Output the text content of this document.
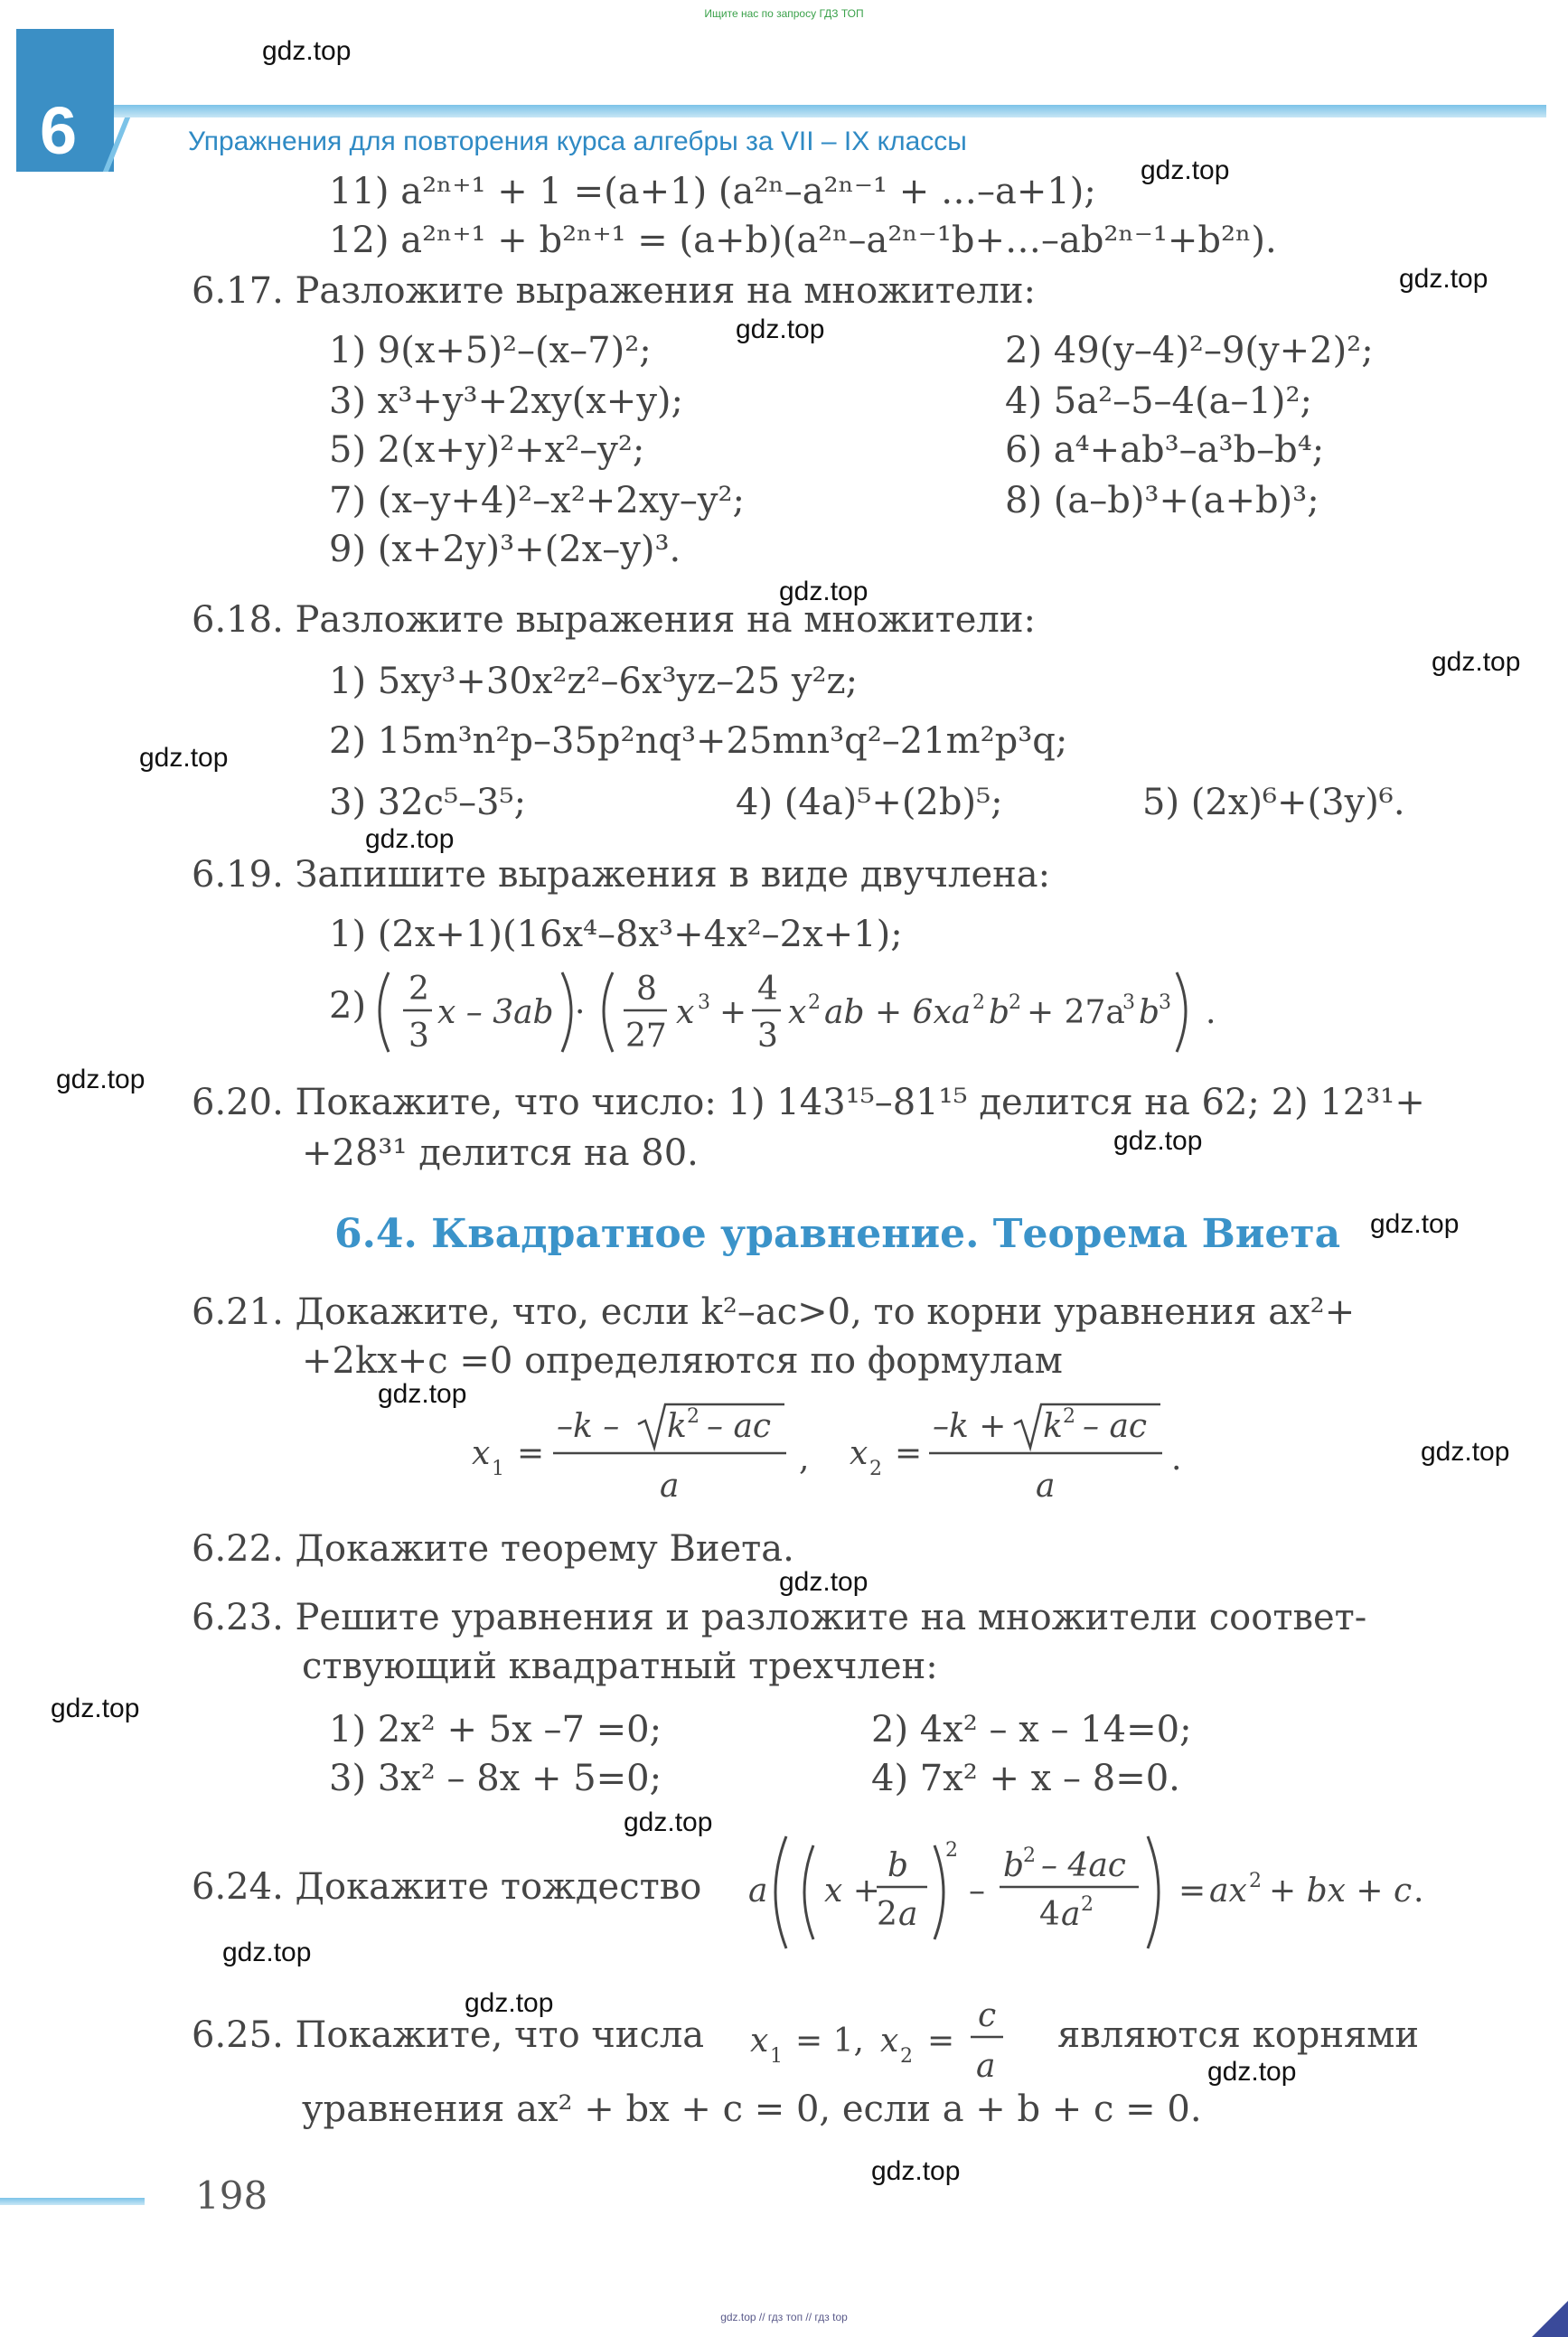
Ищите нас по запросу ГДЗ ТОП
6	Упражнения для повторения курса алгебры за VII – IX классы
11) a²ⁿ⁺¹ + 1 =(a+1) (a²ⁿ–a²ⁿ⁻¹ + …–a+1);
12) a²ⁿ⁺¹ + b²ⁿ⁺¹ = (a+b)(a²ⁿ–a²ⁿ⁻¹b+…–ab²ⁿ⁻¹+b²ⁿ).
6.17. Разложите выражения на множители:
1) 9(x+5)²–(x–7)²;	2) 49(y–4)²–9(y+2)²;
3) x³+y³+2xy(x+y);	4) 5a²–5–4(a–1)²;
5) 2(x+y)²+x²–y²;	6) a⁴+ab³–a³b–b⁴;
7) (x–y+4)²–x²+2xy–y²;	8) (a–b)³+(a+b)³;
9) (x+2y)³+(2x–y)³.
6.18. Разложите выражения на множители:
1) 5xy³+30x²z²–6x³yz–25 y²z;
2) 15m³n²p–35p²nq³+25mn³q²–21m²p³q;
3) 32c⁵–3⁵;	4) (4a)⁵+(2b)⁵;	5) (2x)⁶+(3y)⁶.
6.19. Запишите выражения в виде двучлена:
1) (2x+1)(16x⁴–8x³+4x²–2x+1);
2) 2
3
x – 3ab ·
8
27
x 3 +
4
3
x 2 ab + 6xa 2 b
2 + 27a
3 b
3 .
6.20. Покажите, что число: 1) 143¹⁵–81¹⁵ делится на 62; 2) 12³¹+
+28³¹ делится на 80.
6.4. Квадратное уравнение. Теорема Виета
6.21. Докажите, что, если k²–ac>0, то корни уравнения ax²+
+2kx+c =0 определяются по формулам
x 1 =
–k – k 2 – ac
a
, x 2 =
–k + k 2 – ac
a
.
6.22. Докажите теорему Виета.
6.23. Решите уравнения и разложите на множители соответ-
ствующий квадратный трехчлен:
1) 2x² + 5x –7 =0;	2) 4x² – x – 14=0;
3) 3x² – 8x + 5=0;	4) 7x² + x – 8=0.
6.24. Докажите тождество a x +
b
2 a
2
–
b
2 – 4ac
4 a 2	= ax 2 + bx + c .
6.25. Покажите, что числа x 1 = 1, x 2 =
c
a
являются корнями
уравнения ax² + bx + c = 0, если a + b + c = 0.
198
gdz.top // гдз топ // гдз top
gdz.top
gdz.top
gdz.top
gdz.top
gdz.top
gdz.top
gdz.top
gdz.top
gdz.top
gdz.top
gdz.top
gdz.top
gdz.top
gdz.top
gdz.top
gdz.top
gdz.top
gdz.top
gdz.top
gdz.top
